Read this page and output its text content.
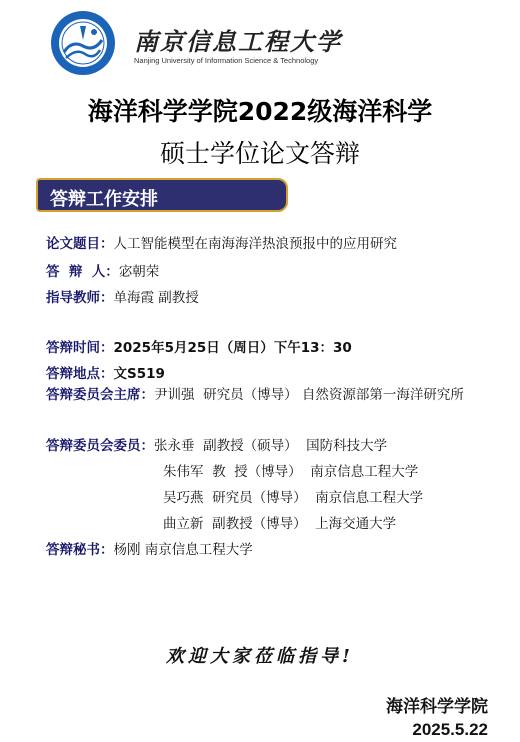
南京信息工程大学
Nanjing University of Information Science & Technology
海洋科学学院2022级海洋科学
硕士学位论文答辩
答辩工作安排
论文题目：人工智能模型在南海海洋热浪预报中的应用研究
答  辩  人：宓朝荣
指导教师：单海霞 副教授
答辩时间：2025年5月25日（周日）下午13：30
答辩地点：文S519
答辩委员会主席：尹训强  研究员（博导） 自然资源部第一海洋研究所
答辩委员会委员：张永垂  副教授（硕导）  国防科技大学
朱伟军  教  授（博导）  南京信息工程大学
吴巧燕  研究员（博导）  南京信息工程大学
曲立新  副教授（博导）  上海交通大学
答辩秘书：杨刚 南京信息工程大学
欢迎大家莅临指导!
海洋科学学院
2025.5.22
